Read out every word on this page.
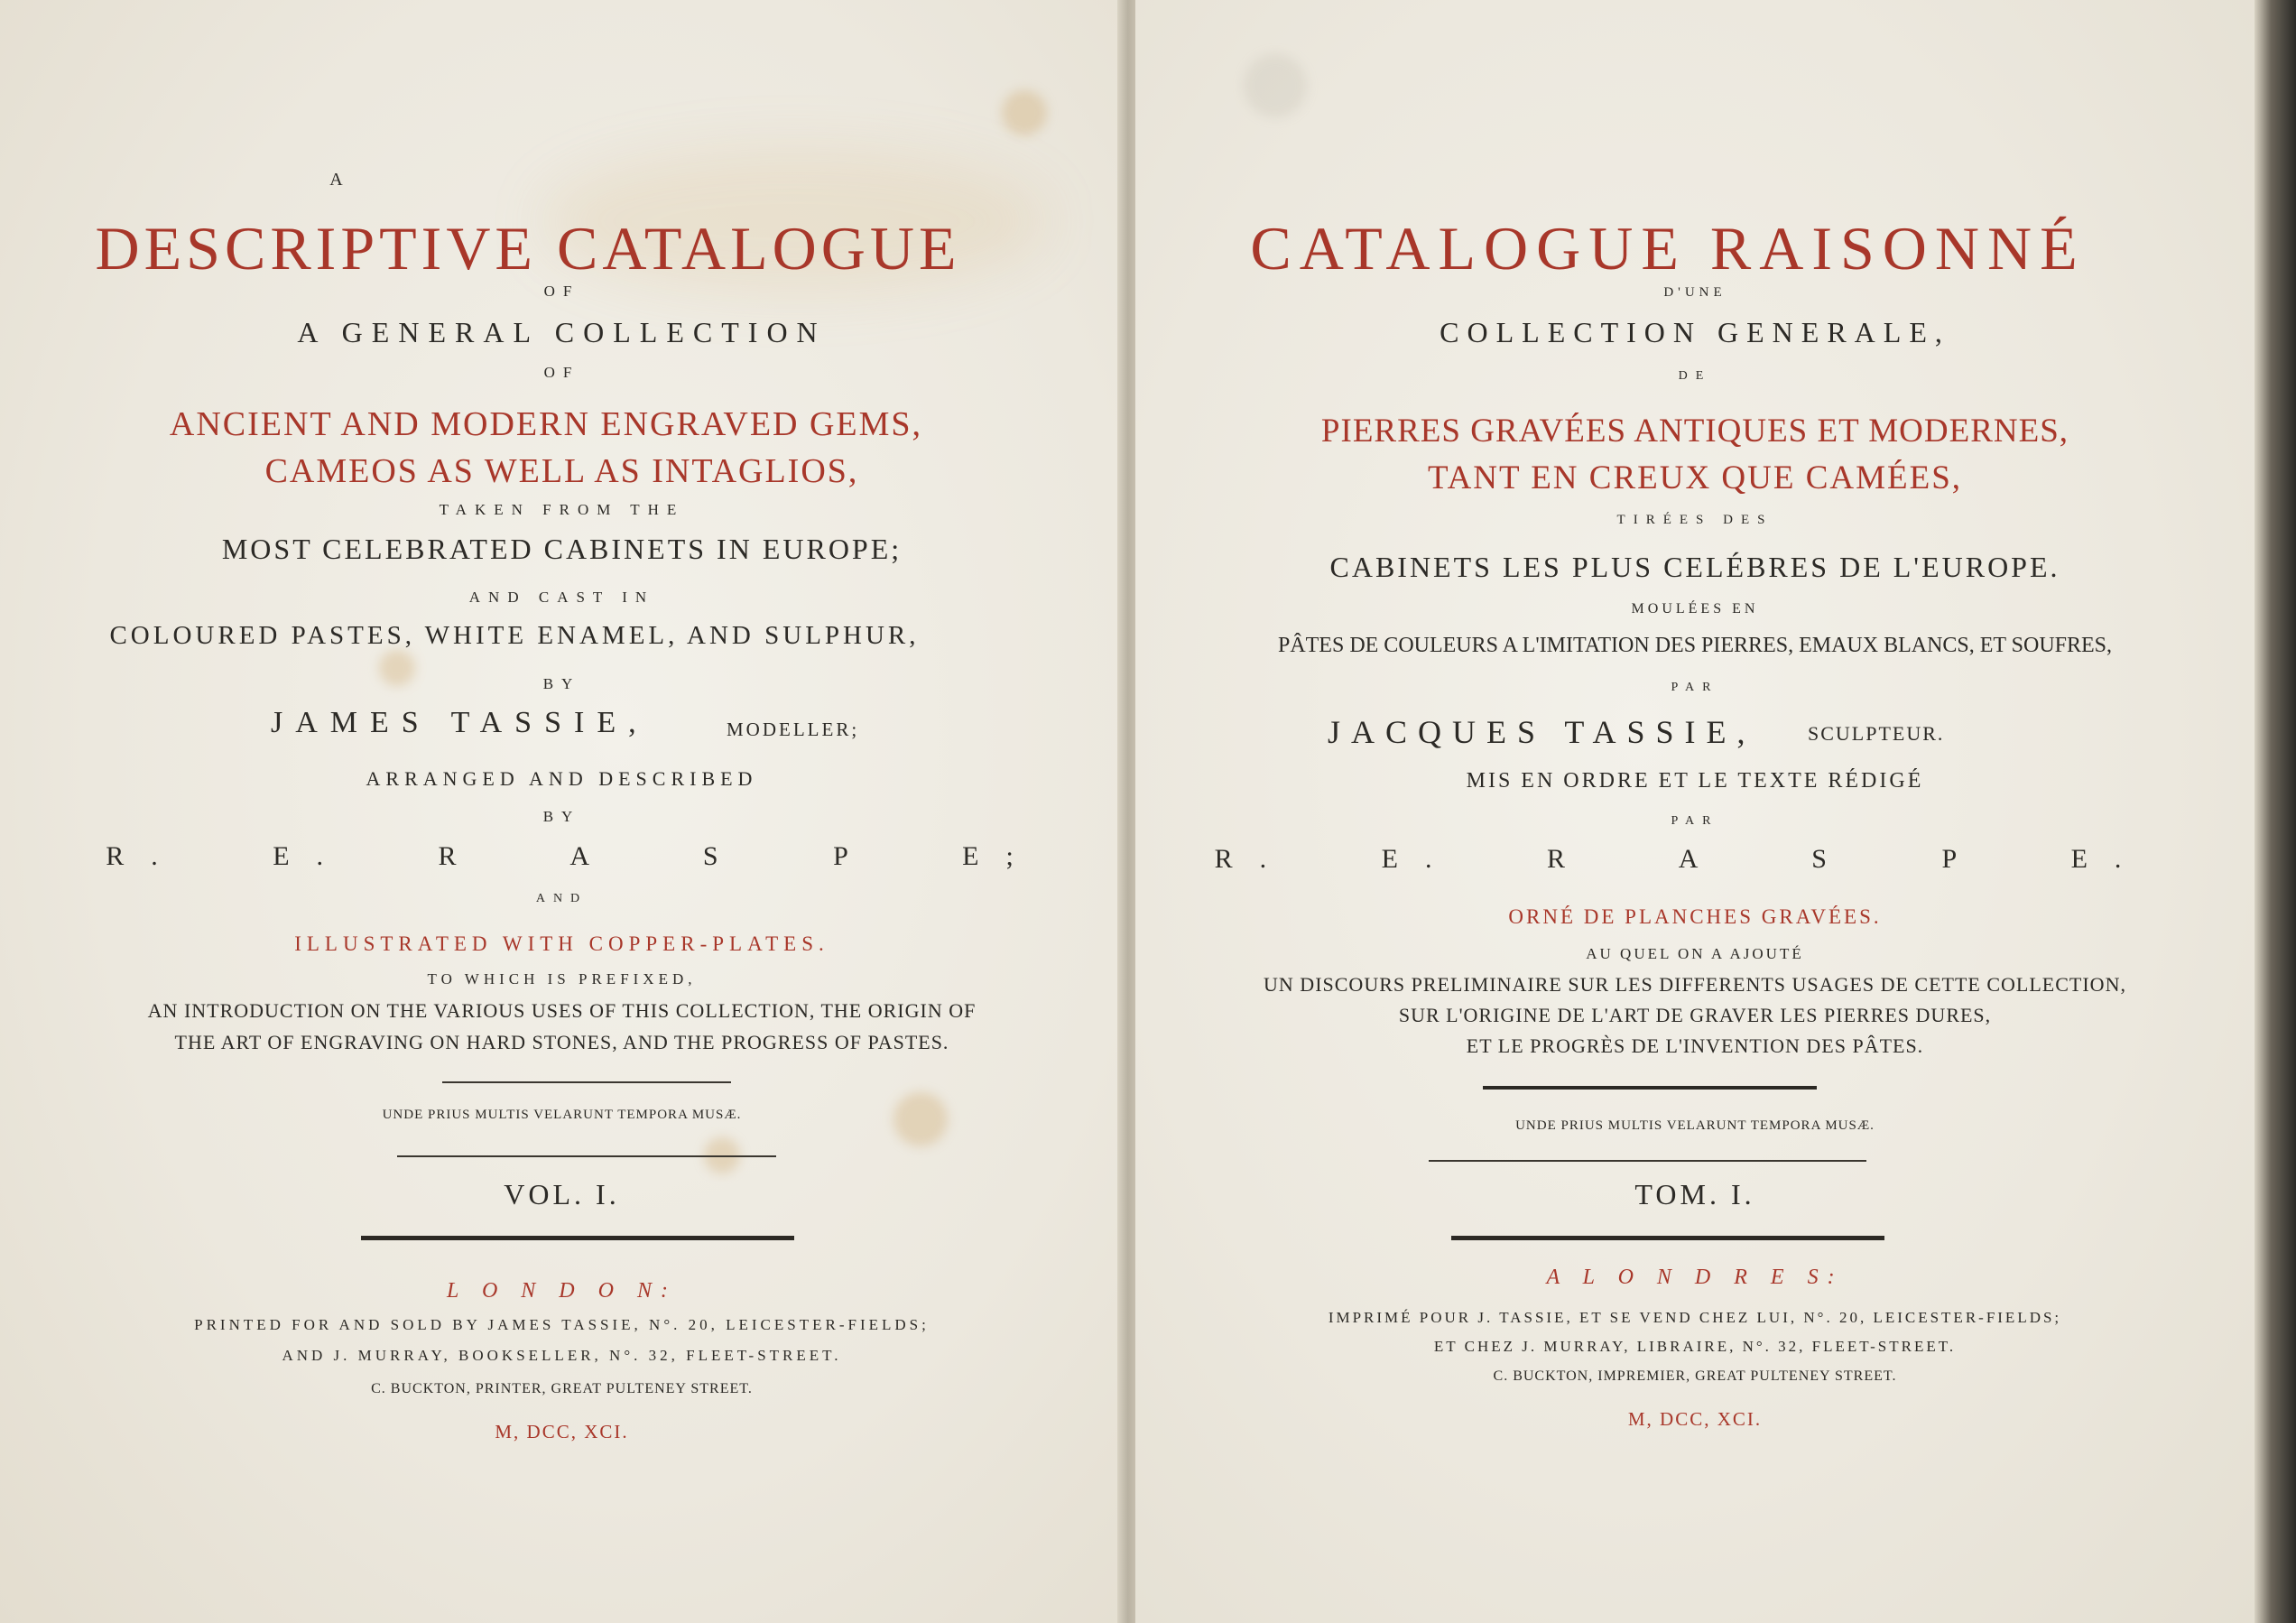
A
DESCRIPTIVE CATALOGUE
OF
A GENERAL COLLECTION
OF
ANCIENT AND MODERN ENGRAVED GEMS,
CAMEOS AS WELL AS INTAGLIOS,
TAKEN FROM THE
MOST CELEBRATED CABINETS IN EUROPE;
AND CAST IN
COLOURED PASTES, WHITE ENAMEL, AND SULPHUR,
BY
JAMES TASSIE,	MODELLER;
ARRANGED AND DESCRIBED
BY
R. E. R A S P E;
AND
ILLUSTRATED WITH COPPER-PLATES.
TO WHICH IS PREFIXED,
AN INTRODUCTION ON THE VARIOUS USES OF THIS COLLECTION, THE ORIGIN OF
THE ART OF ENGRAVING ON HARD STONES, AND THE PROGRESS OF PASTES.
UNDE PRIUS MULTIS VELARUNT TEMPORA MUSÆ.
VOL. I.
L O N D O N:
PRINTED FOR AND SOLD BY JAMES TASSIE, N°. 20, LEICESTER-FIELDS;
AND J. MURRAY, BOOKSELLER, N°. 32, FLEET-STREET.
C. BUCKTON, PRINTER, GREAT PULTENEY STREET.
M, DCC, XCI.
CATALOGUE RAISONNÉ
D'UNE
COLLECTION GENERALE,
DE
PIERRES GRAVÉES ANTIQUES ET MODERNES,
TANT EN CREUX QUE CAMÉES,
TIRÉES DES
CABINETS LES PLUS CELÉBRES DE L'EUROPE.
MOULÉES EN
PÂTES DE COULEURS A L'IMITATION DES PIERRES, EMAUX BLANCS, ET SOUFRES,
PAR
JACQUES TASSIE,	SCULPTEUR.
MIS EN ORDRE ET LE TEXTE RÉDIGÉ
PAR
R. E. R A S P E.
ORNÉ DE PLANCHES GRAVÉES.
AU QUEL ON A AJOUTÉ
UN DISCOURS PRELIMINAIRE SUR LES DIFFERENTS USAGES DE CETTE COLLECTION,
SUR L'ORIGINE DE L'ART DE GRAVER LES PIERRES DURES,
ET LE PROGRÈS DE L'INVENTION DES PÂTES.
UNDE PRIUS MULTIS VELARUNT TEMPORA MUSÆ.
TOM. I.
A L O N D R E S:
IMPRIMÉ POUR J. TASSIE, ET SE VEND CHEZ LUI, N°. 20, LEICESTER-FIELDS;
ET CHEZ J. MURRAY, LIBRAIRE, N°. 32, FLEET-STREET.
C. BUCKTON, IMPREMIER, GREAT PULTENEY STREET.
M, DCC, XCI.
